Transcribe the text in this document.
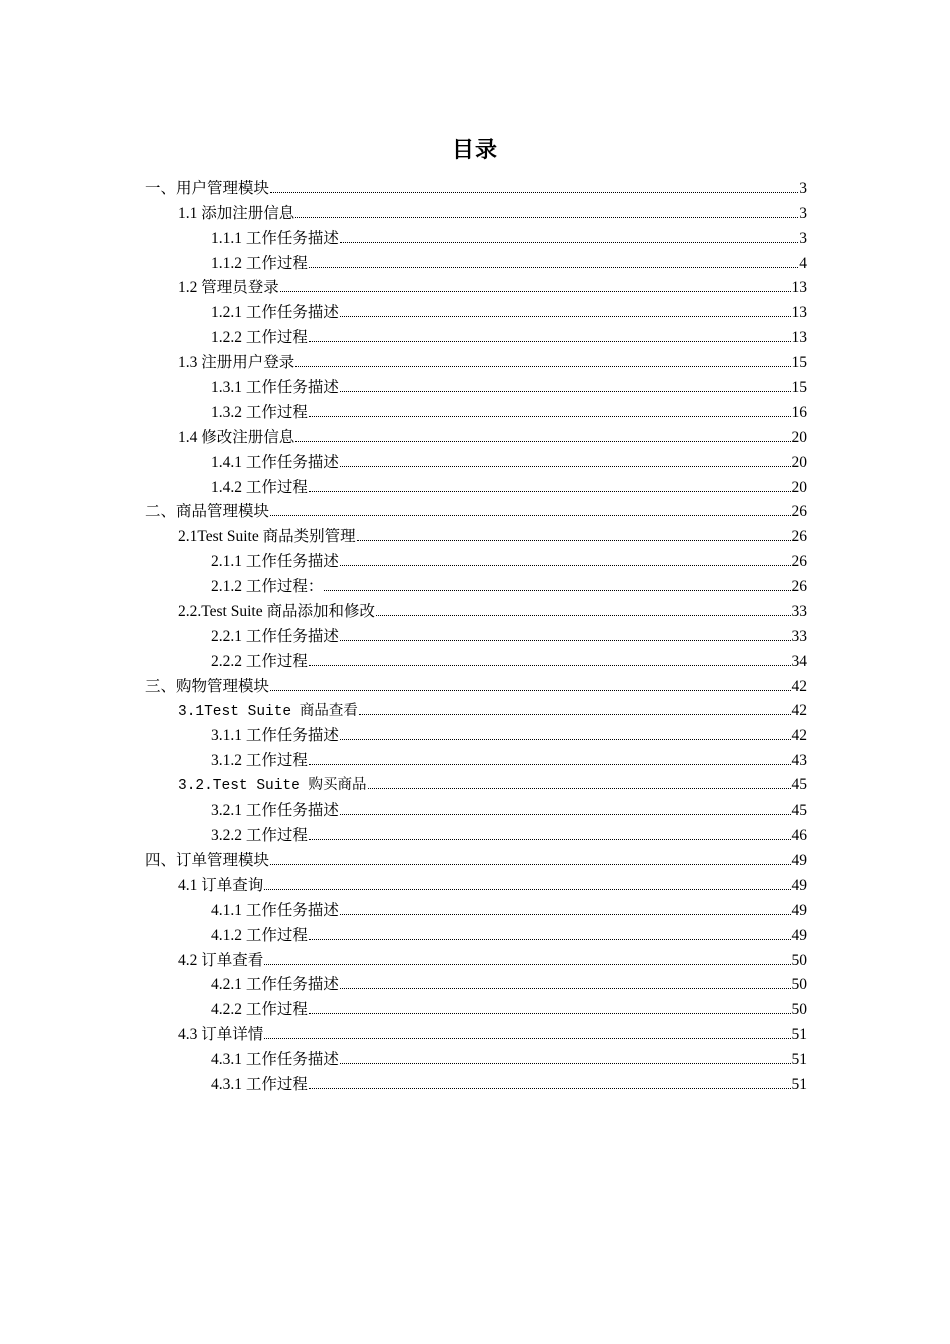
目录
一、用户管理模块	3
1.1 添加注册信息	3
1.1.1 工作任务描述	3
1.1.2 工作过程	4
1.2 管理员登录	13
1.2.1 工作任务描述	13
1.2.2 工作过程	13
1.3 注册用户登录	15
1.3.1 工作任务描述	15
1.3.2 工作过程	16
1.4 修改注册信息	20
1.4.1 工作任务描述	20
1.4.2 工作过程	20
二、商品管理模块	26
2.1Test Suite 商品类别管理	26
2.1.1 工作任务描述	26
2.1.2 工作过程：	26
2.2.Test Suite 商品添加和修改	33
2.2.1 工作任务描述	33
2.2.2 工作过程	34
三、购物管理模块	42
3.1Test Suite 商品查看	42
3.1.1 工作任务描述	42
3.1.2 工作过程	43
3.2.Test Suite 购买商品	45
3.2.1 工作任务描述	45
3.2.2 工作过程	46
四、订单管理模块	49
4.1 订单查询	49
4.1.1 工作任务描述	49
4.1.2 工作过程	49
4.2 订单查看	50
4.2.1 工作任务描述	50
4.2.2 工作过程	50
4.3 订单详情	51
4.3.1 工作任务描述	51
4.3.1 工作过程	51
